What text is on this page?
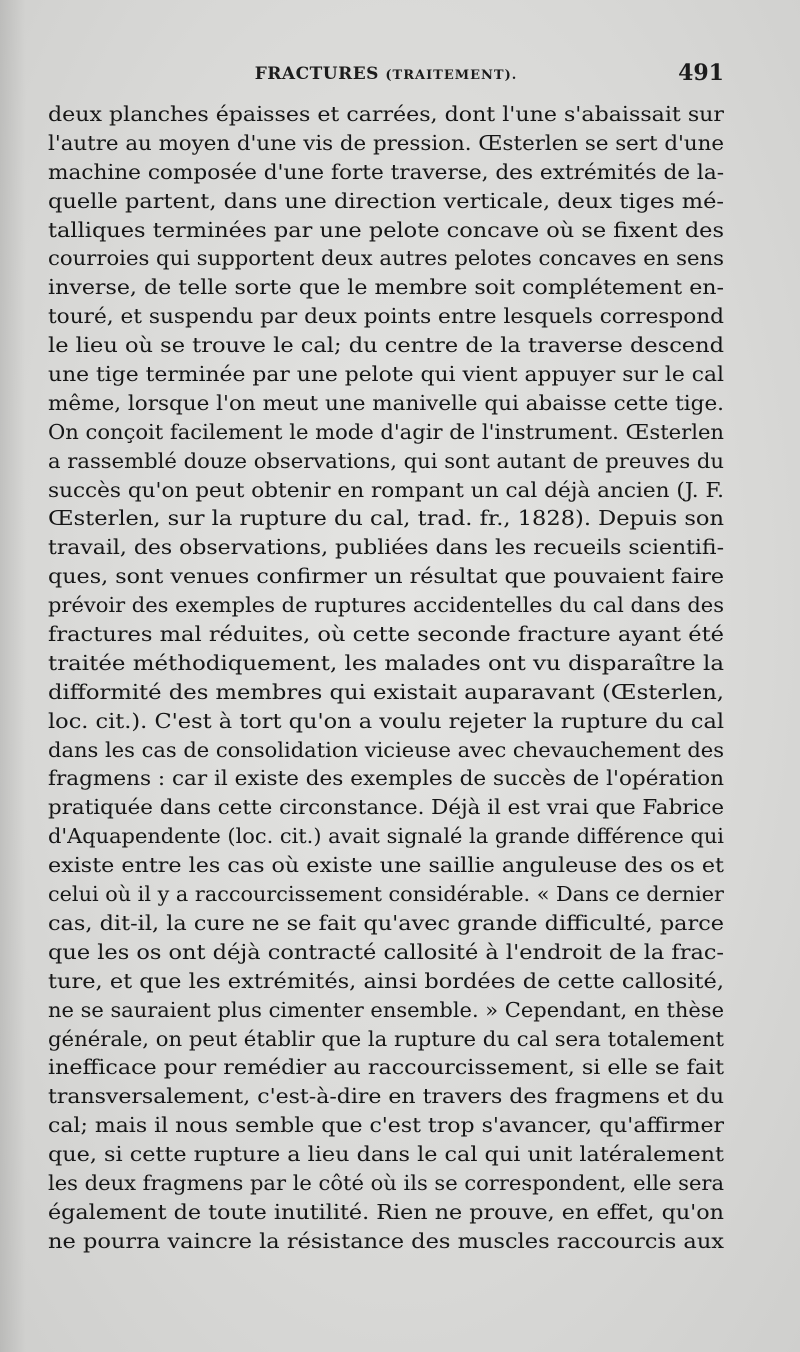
FRACTURES (TRAITEMENT).	491
deux planches épaisses et carrées, dont l'une s'abaissait sur
l'autre au moyen d'une vis de pression. Œsterlen se sert d'une
machine composée d'une forte traverse, des extrémités de la-
quelle partent, dans une direction verticale, deux tiges mé-
talliques terminées par une pelote concave où se fixent des
courroies qui supportent deux autres pelotes concaves en sens
inverse, de telle sorte que le membre soit complétement en-
touré, et suspendu par deux points entre lesquels correspond
le lieu où se trouve le cal; du centre de la traverse descend
une tige terminée par une pelote qui vient appuyer sur le cal
même, lorsque l'on meut une manivelle qui abaisse cette tige.
On conçoit facilement le mode d'agir de l'instrument. Œsterlen
a rassemblé douze observations, qui sont autant de preuves du
succès qu'on peut obtenir en rompant un cal déjà ancien (J. F.
Œsterlen, sur la rupture du cal, trad. fr., 1828). Depuis son
travail, des observations, publiées dans les recueils scientifi-
ques, sont venues confirmer un résultat que pouvaient faire
prévoir des exemples de ruptures accidentelles du cal dans des
fractures mal réduites, où cette seconde fracture ayant été
traitée méthodiquement, les malades ont vu disparaître la
difformité des membres qui existait auparavant (Œsterlen,
loc. cit.). C'est à tort qu'on a voulu rejeter la rupture du cal
dans les cas de consolidation vicieuse avec chevauchement des
fragmens : car il existe des exemples de succès de l'opération
pratiquée dans cette circonstance. Déjà il est vrai que Fabrice
d'Aquapendente (loc. cit.) avait signalé la grande différence qui
existe entre les cas où existe une saillie anguleuse des os et
celui où il y a raccourcissement considérable. « Dans ce dernier
cas, dit-il, la cure ne se fait qu'avec grande difficulté, parce
que les os ont déjà contracté callosité à l'endroit de la frac-
ture, et que les extrémités, ainsi bordées de cette callosité,
ne se sauraient plus cimenter ensemble. » Cependant, en thèse
générale, on peut établir que la rupture du cal sera totalement
inefficace pour remédier au raccourcissement, si elle se fait
transversalement, c'est-à-dire en travers des fragmens et du
cal; mais il nous semble que c'est trop s'avancer, qu'affirmer
que, si cette rupture a lieu dans le cal qui unit latéralement
les deux fragmens par le côté où ils se correspondent, elle sera
également de toute inutilité. Rien ne prouve, en effet, qu'on
ne pourra vaincre la résistance des muscles raccourcis aux
